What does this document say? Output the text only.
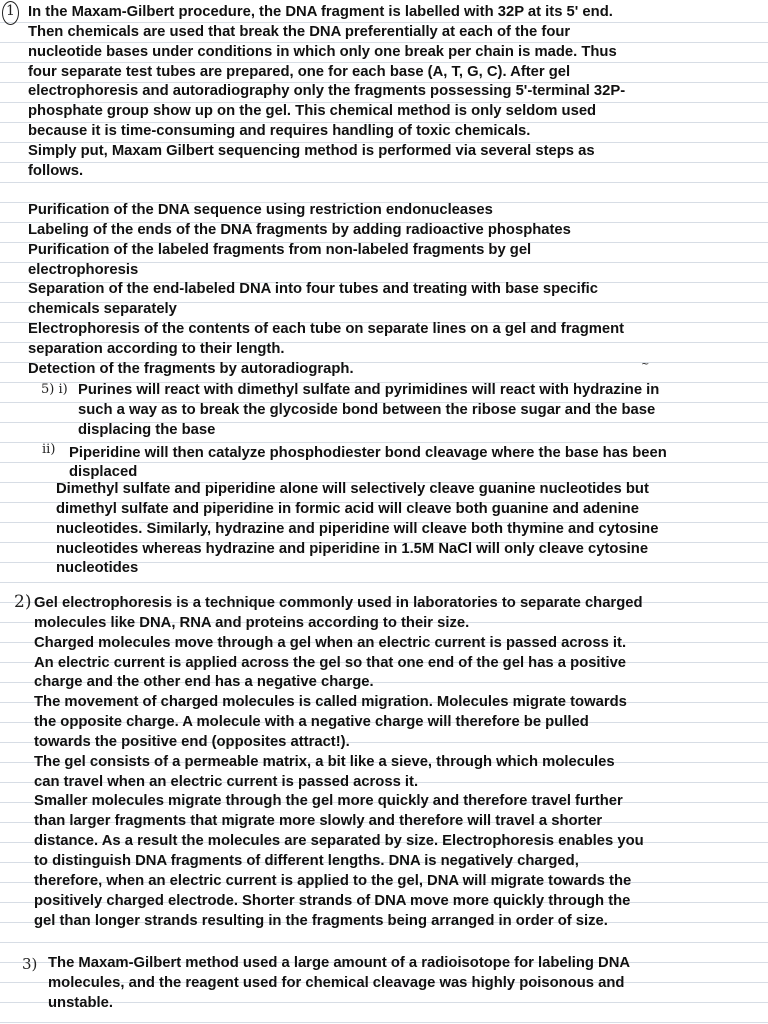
1 In the Maxam-Gilbert procedure, the DNA fragment is labelled with 32P at its 5' end.
Then chemicals are used that break the DNA preferentially at each of the four
nucleotide bases under conditions in which only one break per chain is made. Thus
four separate test tubes are prepared, one for each base (A, T, G, C). After gel
electrophoresis and autoradiography only the fragments possessing 5'-terminal 32P-
phosphate group show up on the gel. This chemical method is only seldom used
because it is time-consuming and requires handling of toxic chemicals.
Simply put, Maxam Gilbert sequencing method is performed via several steps as
follows.
Purification of the DNA sequence using restriction endonucleases
Labeling of the ends of the DNA fragments by adding radioactive phosphates
Purification of the labeled fragments from non-labeled fragments by gel
electrophoresis
Separation of the end-labeled DNA into four tubes and treating with base specific
chemicals separately
Electrophoresis of the contents of each tube on separate lines on a gel and fragment
separation according to their length.
Detection of the fragments by autoradiograph.	~
5) i) Purines will react with dimethyl sulfate and pyrimidines will react with hydrazine in
such a way as to break the glycoside bond between the ribose sugar and the base
displacing the base
ii) Piperidine will then catalyze phosphodiester bond cleavage where the base has been
displaced
Dimethyl sulfate and piperidine alone will selectively cleave guanine nucleotides but
dimethyl sulfate and piperidine in formic acid will cleave both guanine and adenine
nucleotides. Similarly, hydrazine and piperidine will cleave both thymine and cytosine
nucleotides whereas hydrazine and piperidine in 1.5M NaCl will only cleave cytosine
nucleotides
2) Gel electrophoresis is a technique commonly used in laboratories to separate charged
molecules like DNA, RNA and proteins according to their size.
Charged molecules move through a gel when an electric current is passed across it.
An electric current is applied across the gel so that one end of the gel has a positive
charge and the other end has a negative charge.
The movement of charged molecules is called migration. Molecules migrate towards
the opposite charge. A molecule with a negative charge will therefore be pulled
towards the positive end (opposites attract!).
The gel consists of a permeable matrix, a bit like a sieve, through which molecules
can travel when an electric current is passed across it.
Smaller molecules migrate through the gel more quickly and therefore travel further
than larger fragments that migrate more slowly and therefore will travel a shorter
distance. As a result the molecules are separated by size. Electrophoresis enables you
to distinguish DNA fragments of different lengths. DNA is negatively charged,
therefore, when an electric current is applied to the gel, DNA will migrate towards the
positively charged electrode. Shorter strands of DNA move more quickly through the
gel than longer strands resulting in the fragments being arranged in order of size.
3) The Maxam-Gilbert method used a large amount of a radioisotope for labeling DNA
molecules, and the reagent used for chemical cleavage was highly poisonous and
unstable.
